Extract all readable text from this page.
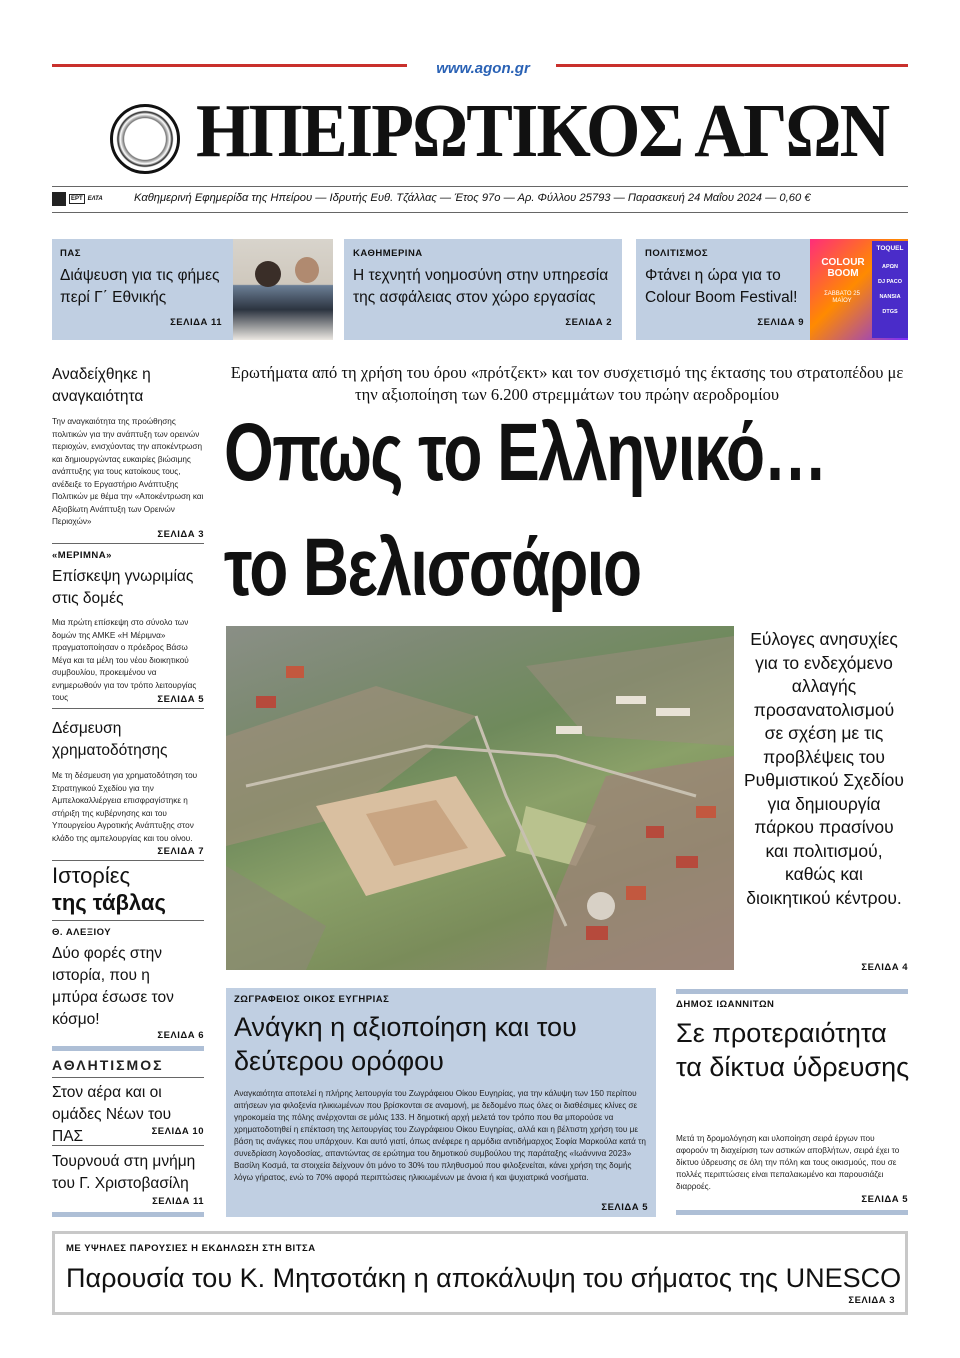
www.agon.gr
ΗΠΕΙΡΩΤΙΚΟΣ ΑΓΩΝ
ΕΡΤ ΕΛΤΑ	Καθημερινή Εφημερίδα της Ηπείρου — Ιδρυτής Ευθ. Τζάλλας — Έτος 97ο — Αρ. Φύλλου 25793 — Παρασκευή 24 Μαΐου 2024 — 0,60 €
ΠΑΣ
Διάψευση για τις φήμες περί Γ΄ Εθνικής
ΣΕΛΙΔΑ 11
ΚΑΘΗΜΕΡΙΝΑ
Η τεχνητή νοημοσύνη στην υπηρεσία της ασφάλειας στον χώρο εργασίας
ΣΕΛΙΔΑ 2
ΠΟΛΙΤΙΣΜΟΣ
Φτάνει η ώρα για το Colour Boom Festival!
ΣΕΛΙΔΑ 9
COLOUR BOOM
ΣΑΒΒΑΤΟ 25 ΜΑΪΟΥ
TOQUEL
ΑΡΩΝ
DJ PACO
NANSIA
DTGS
Αναδείχθηκε η αναγκαιότητα
Την αναγκαιότητα της προώθησης πολιτικών για την ανάπτυξη των ορεινών περιοχών, ενισχύοντας την αποκέντρωση και δημιουργώντας ευκαιρίες βιώσιμης ανάπτυξης για τους κατοίκους τους, ανέδειξε το Εργαστήριο Ανάπτυξης Πολιτικών με θέμα την «Αποκέντρωση και Αξιοβίωτη Ανάπτυξη των Ορεινών Περιοχών»
ΣΕΛΙΔΑ 3
«ΜΕΡΙΜΝΑ»
Επίσκεψη γνωριμίας στις δομές
Μια πρώτη επίσκεψη στο σύνολο των δομών της ΑΜΚΕ «Η Μέριμνα» πραγματοποίησαν ο πρόεδρος Βάσω Μέγα και τα μέλη του νέου διοικητικού συμβουλίου, προκειμένου να ενημερωθούν για τον τρόπο λειτουργίας τους	ΣΕΛΙΔΑ 5
Δέσμευση χρηματοδότησης
Με τη δέσμευση για χρηματοδότηση του Στρατηγικού Σχεδίου για την Αμπελοκαλλιέργεια επισφραγίστηκε η στήριξη της κυβέρνησης και του Υπουργείου Αγροτικής Ανάπτυξης στον κλάδο της αμπελουργίας και του οίνου.
ΣΕΛΙΔΑ 7
Ιστορίες
της τάβλας
Θ. ΑΛΕΞΙΟΥ
Δύο φορές στην ιστορία, που η μπύρα έσωσε τον κόσμο!
ΣΕΛΙΔΑ 6
ΑΘΛΗΤΙΣΜΟΣ
Στον αέρα και οι ομάδες Νέων του ΠΑΣ	ΣΕΛΙΔΑ 10
Τουρνουά στη μνήμη του Γ. Χριστοβασίλη
ΣΕΛΙΔΑ 11
Ερωτήματα από τη χρήση του όρου «πρότζεκτ» και τον συσχετισμό της έκτασης του στρατοπέδου με την αξιοποίηση των 6.200 στρεμμάτων του πρώην αεροδρομίου
Οπως το Ελληνικό…
το Βελισσάριο
Εύλογες ανησυχίες για το ενδεχόμενο αλλαγής προσανατολισμού σε σχέση με τις προβλέψεις του Ρυθμιστικού Σχεδίου για δημιουργία πάρκου πρασίνου και πολιτισμού, καθώς και διοικητικού κέντρου.
ΣΕΛΙΔΑ 4
ΖΩΓΡΑΦΕΙΟΣ ΟΙΚΟΣ ΕΥΓΗΡΙΑΣ
Ανάγκη η αξιοποίηση και του δεύτερου ορόφου
Αναγκαιότητα αποτελεί η πλήρης λειτουργία του Ζωγράφειου Οίκου Ευγηρίας, για την κάλυψη των 150 περίπου αιτήσεων για φιλοξενία ηλικιωμένων που βρίσκονται σε αναμονή, με δεδομένο πως όλες οι διαθέσιμες κλίνες σε γηροκομεία της πόλης ανέρχονται σε μόλις 133. Η δημοτική αρχή μελετά τον τρόπο που θα μπορούσε να χρηματοδοτηθεί η επέκταση της λειτουργίας του Ζωγράφειου Οίκου Ευγηρίας, αλλά και η βέλτιστη χρήση του με βάση τις ανάγκες που υπάρχουν. Και αυτό γιατί, όπως ανέφερε η αρμόδια αντιδήμαρχος Σοφία Μαρκούλα κατά τη συνεδρίαση λογοδοσίας, απαντώντας σε ερώτημα του δημοτικού συμβούλου της παράταξης «Ιωάννινα 2023» Βασίλη Κοσμά, τα στοιχεία δείχνουν ότι μόνο το 30% του πληθυσμού που φιλοξενείται, κάνει χρήση της δομής λόγω γήρατος, ενώ το 70% αφορά περιπτώσεις ηλικιωμένων με άνοια ή και ψυχιατρικά νοσήματα.
ΣΕΛΙΔΑ 5
ΔΗΜΟΣ ΙΩΑΝΝΙΤΩΝ
Σε προτεραιότητα τα δίκτυα ύδρευσης
Μετά τη δρομολόγηση και υλοποίηση σειρά έργων που αφορούν τη διαχείριση των αστικών αποβλήτων, σειρά έχει το δίκτυο ύδρευσης σε όλη την πόλη και τους οικισμούς, που σε πολλές περιπτώσεις είναι πεπαλαιωμένο και παρουσιάζει διαρροές.
ΣΕΛΙΔΑ 5
ΜΕ ΥΨΗΛΕΣ ΠΑΡΟΥΣΙΕΣ Η ΕΚΔΗΛΩΣΗ ΣΤΗ ΒΙΤΣΑ
Παρουσία του Κ. Μητσοτάκη η αποκάλυψη του σήματος της UNESCO
ΣΕΛΙΔΑ 3
